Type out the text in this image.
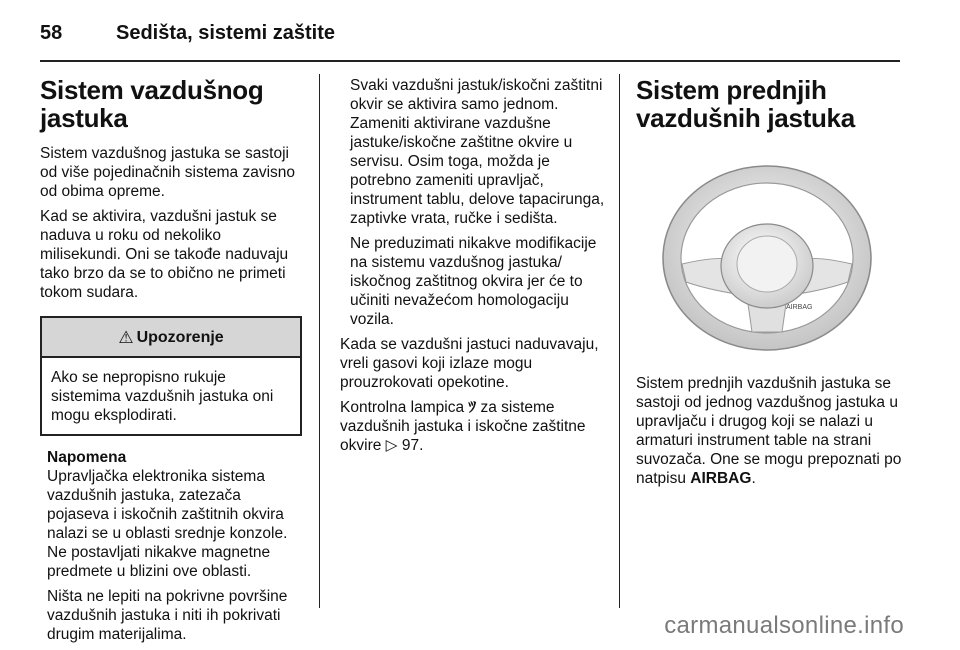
58	Sedišta, sistemi zaštite
Sistem vazdušnog jastuka

Sistem vazdušnog jastuka se sastoji od više pojedinačnih sistema zavisno od obima opreme.

Kad se aktivira, vazdušni jastuk se naduva u roku od nekoliko milisekundi. Oni se takođe naduvaju tako brzo da se to obično ne primeti tokom sudara.

⚠ Upozorenje
Ako se nepropisno rukuje sistemima vazdušnih jastuka oni mogu eksplodirati.
Napomena

Upravljačka elektronika sistema vazdušnih jastuka, zatezača pojaseva i iskočnih zaštitnih okvira nalazi se u oblasti srednje konzole. Ne postavljati nikakve magnetne predmete u blizini ove oblasti.

Ništa ne lepiti na pokrivne površine vazdušnih jastuka i niti ih pokrivati drugim materijalima.

Svaki vazdušni jastuk/iskočni zaštitni okvir se aktivira samo jednom. Zameniti aktivirane vazdušne jastuke/iskočne zaštitne okvire u servisu. Osim toga, možda je potrebno zameniti upravljač, instrument tablu, delove tapacirunga, zaptivke vrata, ručke i sedišta.

Ne preduzimati nikakve modifikacije na sistemu vazdušnog jastuka/ iskočnog zaštitnog okvira jer će to učiniti nevažećom homologaciju vozila.

Kada se vazdušni jastuci naduvavaju, vreli gasovi koji izlaze mogu prouzrokovati opekotine.

Kontrolna lampica ﾂ za sisteme vazdušnih jastuka i iskočne zaštitne okvire ▷ 97.

Sistem prednjih vazdušnih jastuka
AIRBAG

Sistem prednjih vazdušnih jastuka se sastoji od jednog vazdušnog jastuka u upravljaču i drugog koji se nalazi u armaturi instrument table na strani suvozača. One se mogu prepoznati po natpisu AIRBAG.

carmanualsonline.info
